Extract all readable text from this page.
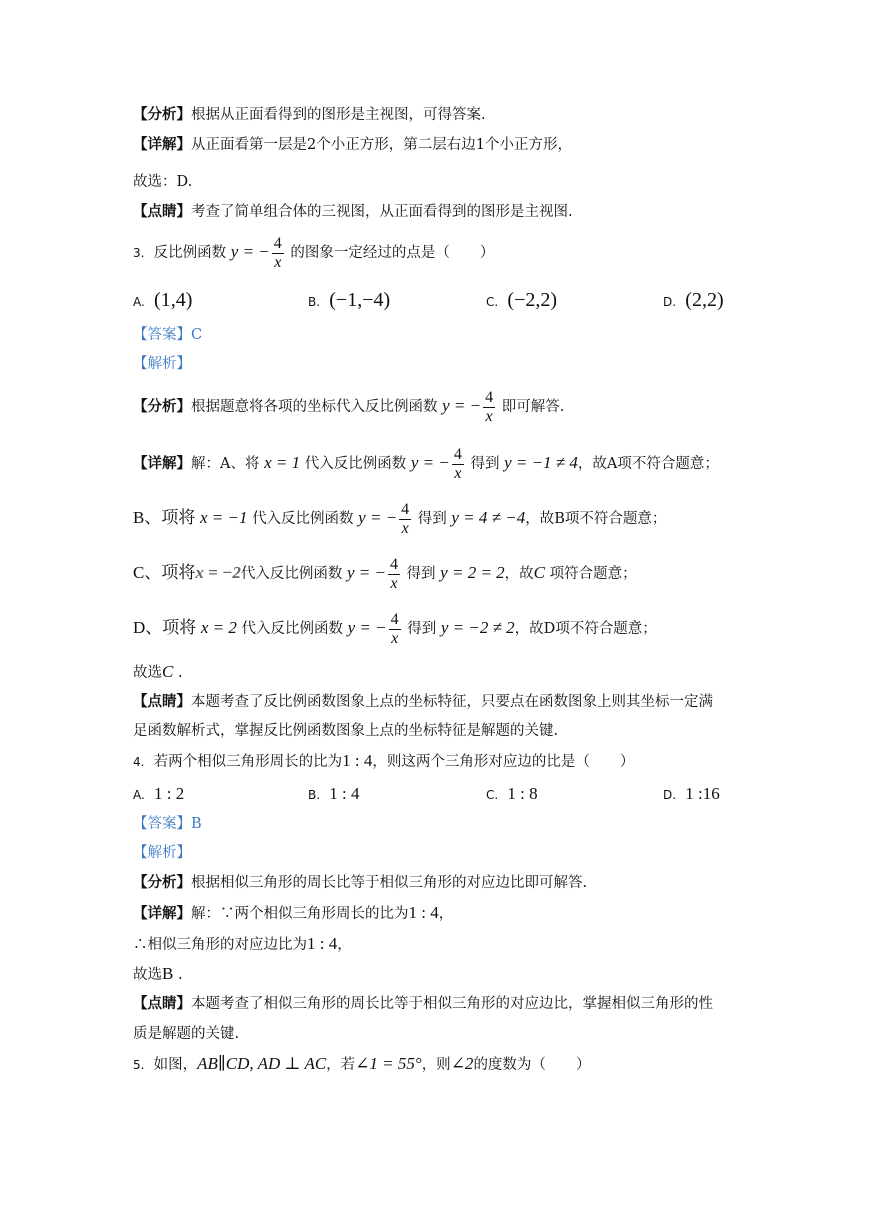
【分析】根据从正面看得到的图形是主视图，可得答案.
【详解】从正面看第一层是2个小正方形，第二层右边1个小正方形，
故选：D.
【点睛】考查了简单组合体的三视图，从正面看得到的图形是主视图.
3. 反比例函数 y = − $\frac{4}{x}$ 的图象一定经过的点是（ ）
A. (1,4)	B. (−1,−4)	C. (−2,2)	D. (2,2)
【答案】C
【解析】
【分析】根据题意将各项的坐标代入反比例函数 y = − $\frac{4}{x}$ 即可解答.
【详解】解：A、将 x = 1 代入反比例函数 y = − $\frac{4}{x}$ 得到 y = −1 ≠ 4，故A项不符合题意；
B、项将 x = −1 代入反比例函数 y = − $\frac{4}{x}$ 得到 y = 4 ≠ −4，故B项不符合题意；
C、项将x = −2代入反比例函数 y = − $\frac{4}{x}$ 得到 y = 2 = 2，故C 项符合题意；
D、项将 x = 2 代入反比例函数 y = − $\frac{4}{x}$ 得到 y = −2 ≠ 2，故D项不符合题意；
故选C .
【点睛】本题考查了反比例函数图象上点的坐标特征，只要点在函数图象上则其坐标一定满
足函数解析式，掌握反比例函数图象上点的坐标特征是解题的关键.
4. 若两个相似三角形周长的比为1 : 4，则这两个三角形对应边的比是（ ）
A. 1 : 2	B. 1 : 4	C. 1 : 8	D. 1 :16
【答案】B
【解析】
【分析】根据相似三角形的周长比等于相似三角形的对应边比即可解答.
【详解】解：∵两个相似三角形周长的比为1 : 4，
∴相似三角形的对应边比为1 : 4，
故选B .
【点睛】本题考查了相似三角形的周长比等于相似三角形的对应边比，掌握相似三角形的性
质是解题的关键.
5. 如图，AB∥CD, AD ⊥ AC，若∠1 = 55°，则∠2的度数为（ ）
